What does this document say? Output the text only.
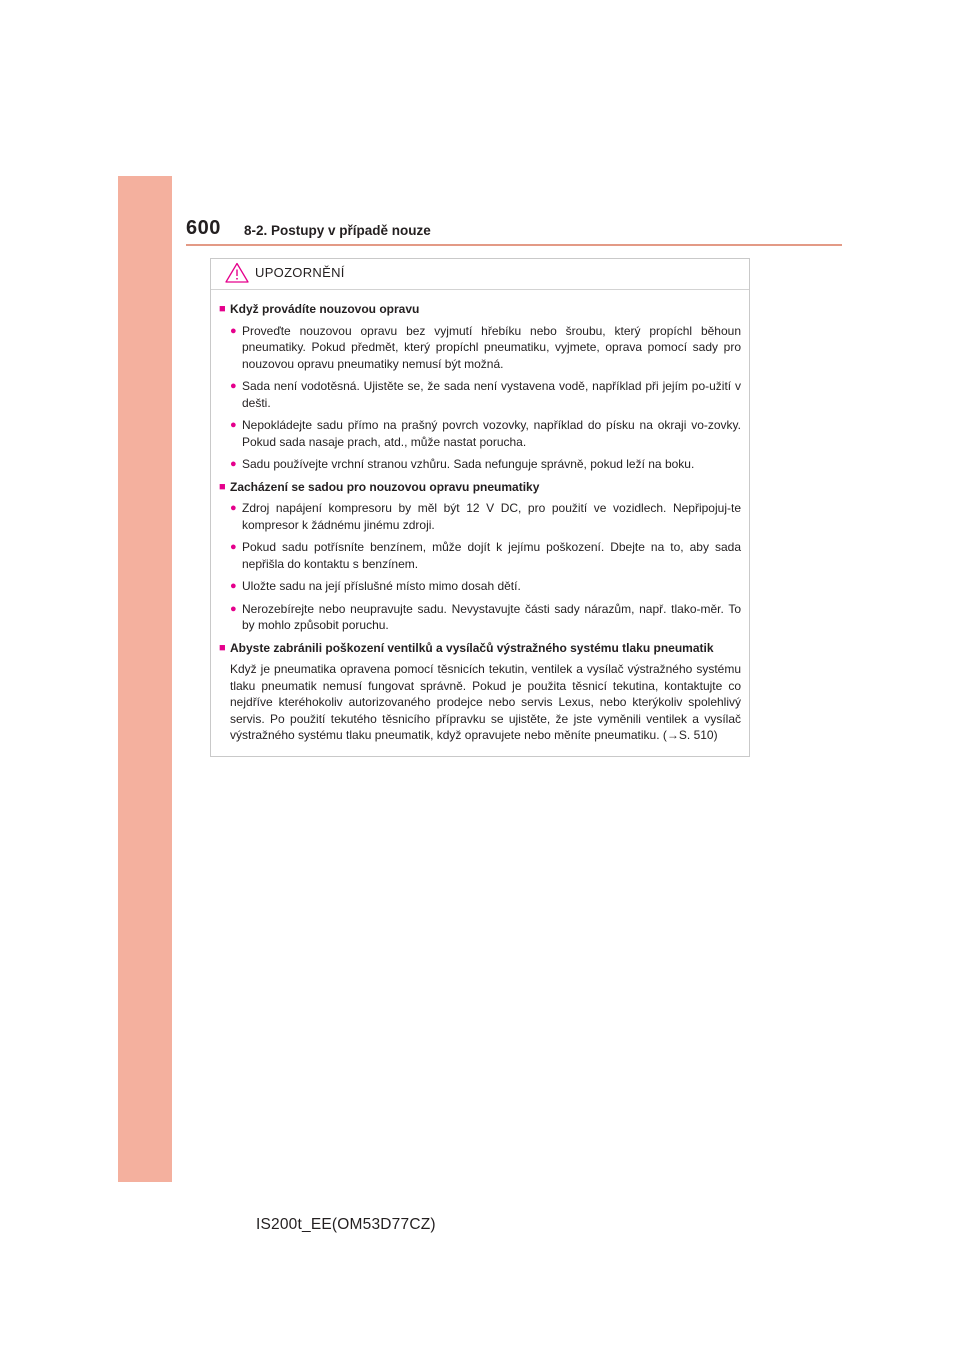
600 8-2. Postupy v případě nouze
UPOZORNĚNÍ
■ Když provádíte nouzovou opravu
● Proveďte nouzovou opravu bez vyjmutí hřebíku nebo šroubu, který propíchl běhoun pneumatiky. Pokud předmět, který propíchl pneumatiku, vyjmete, oprava pomocí sady pro nouzovou opravu pneumatiky nemusí být možná.
● Sada není vodotěsná. Ujistěte se, že sada není vystavena vodě, například při jejím po-užití v dešti.
● Nepokládejte sadu přímo na prašný povrch vozovky, například do písku na okraji vo-zovky. Pokud sada nasaje prach, atd., může nastat porucha.
● Sadu používejte vrchní stranou vzhůru. Sada nefunguje správně, pokud leží na boku.
■ Zacházení se sadou pro nouzovou opravu pneumatiky
● Zdroj napájení kompresoru by měl být 12 V DC, pro použití ve vozidlech. Nepřipojuj-te kompresor k žádnému jinému zdroji.
● Pokud sadu potřísníte benzínem, může dojít k jejímu poškození. Dbejte na to, aby sada nepřišla do kontaktu s benzínem.
● Uložte sadu na její příslušné místo mimo dosah dětí.
● Nerozebírejte nebo neupravujte sadu. Nevystavujte části sady nárazům, např. tlako-měr. To by mohlo způsobit poruchu.
■ Abyste zabránili poškození ventilků a vysílačů výstražného systému tlaku pneumatik
Když je pneumatika opravena pomocí těsnicích tekutin, ventilek a vysílač výstražného systému tlaku pneumatik nemusí fungovat správně. Pokud je použita těsnicí tekutina, kontaktujte co nejdříve kteréhokoliv autorizovaného prodejce nebo servis Lexus, nebo kterýkoliv spolehlivý servis. Po použití tekutého těsnicího přípravku se ujistěte, že jste vyměnili ventilek a vysílač výstražného systému tlaku pneumatik, když opravujete nebo měníte pneumatiku. (→S. 510)
IS200t_EE(OM53D77CZ)
